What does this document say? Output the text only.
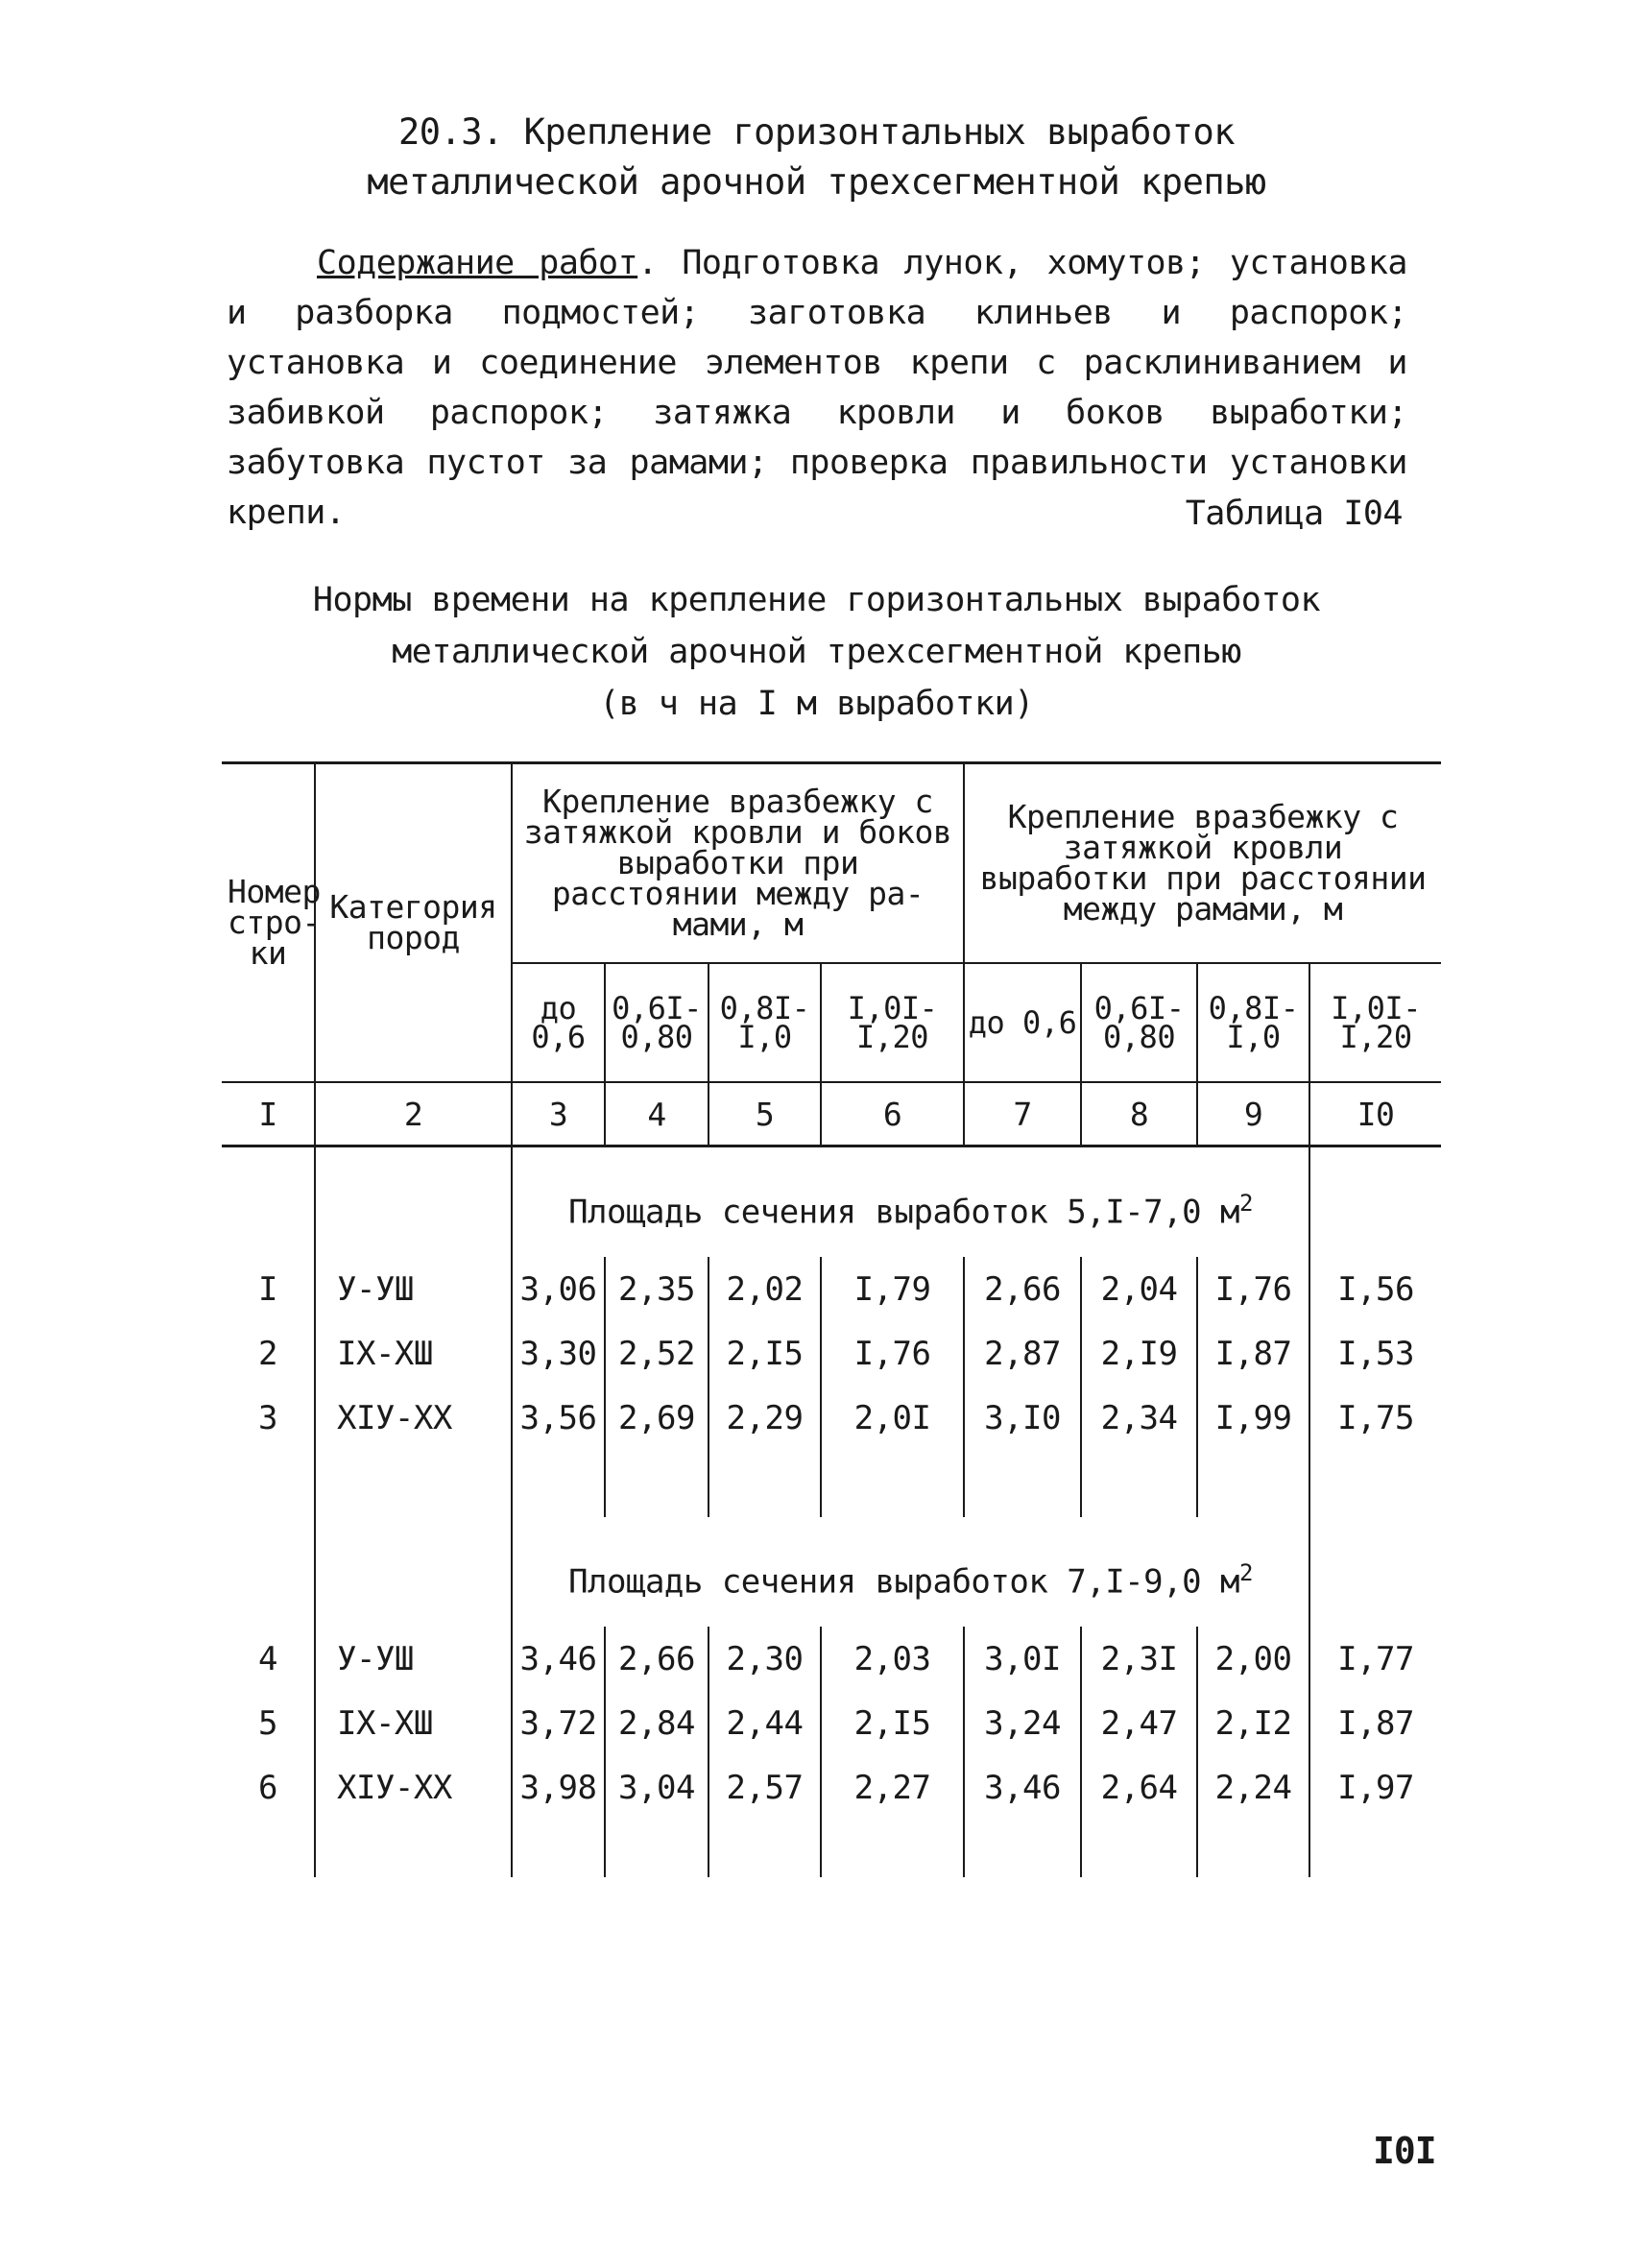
20.3. Крепление горизонтальных выработок
металлической арочной трехсегментной крепью
Содержание работ. Подготовка лунок, хомутов; установка и разборка подмостей; заготовка клиньев и распорок; установка и соединение элементов крепи с расклиниванием и забивкой распорок; затяжка кровли и боков выработки; забутовка пустот за рамами; проверка правильности установки крепи.	Таблица I04
Нормы времени на крепление горизонтальных выработок
металлической арочной трехсегментной крепью
(в ч на I м выработки)
Номер стро- ки	Категория пород	Крепление вразбежку с затяжкой кровли и боков выработки при расстоянии между ра- мами, м				Крепление вразбежку с затяжкой кровли выработки при расстоянии между рамами, м			
		до 0,6	0,6I- 0,80	0,8I- I,0	I,0I- I,20	до 0,6	0,6I- 0,80	0,8I- I,0	I,0I- I,20
I	2	3	4	5	6	7	8	9	I0
		Площадь сечения выработок 5,I-7,0 $м^2$	
I	У-УШ	3,06	2,35	2,02	I,79	2,66	2,04	I,76	I,56
2	IX-XШ	3,30	2,52	2,I5	I,76	2,87	2,I9	I,87	I,53
3	XIУ-XX	3,56	2,69	2,29	2,0I	3,I0	2,34	I,99	I,75

		Площадь сечения выработок 7,I-9,0 $м^2$	
4	У-УШ	3,46	2,66	2,30	2,03	3,0I	2,3I	2,00	I,77
5	IX-XШ	3,72	2,84	2,44	2,I5	3,24	2,47	2,I2	I,87
6	XIУ-XX	3,98	3,04	2,57	2,27	3,46	2,64	2,24	I,97

I0I
